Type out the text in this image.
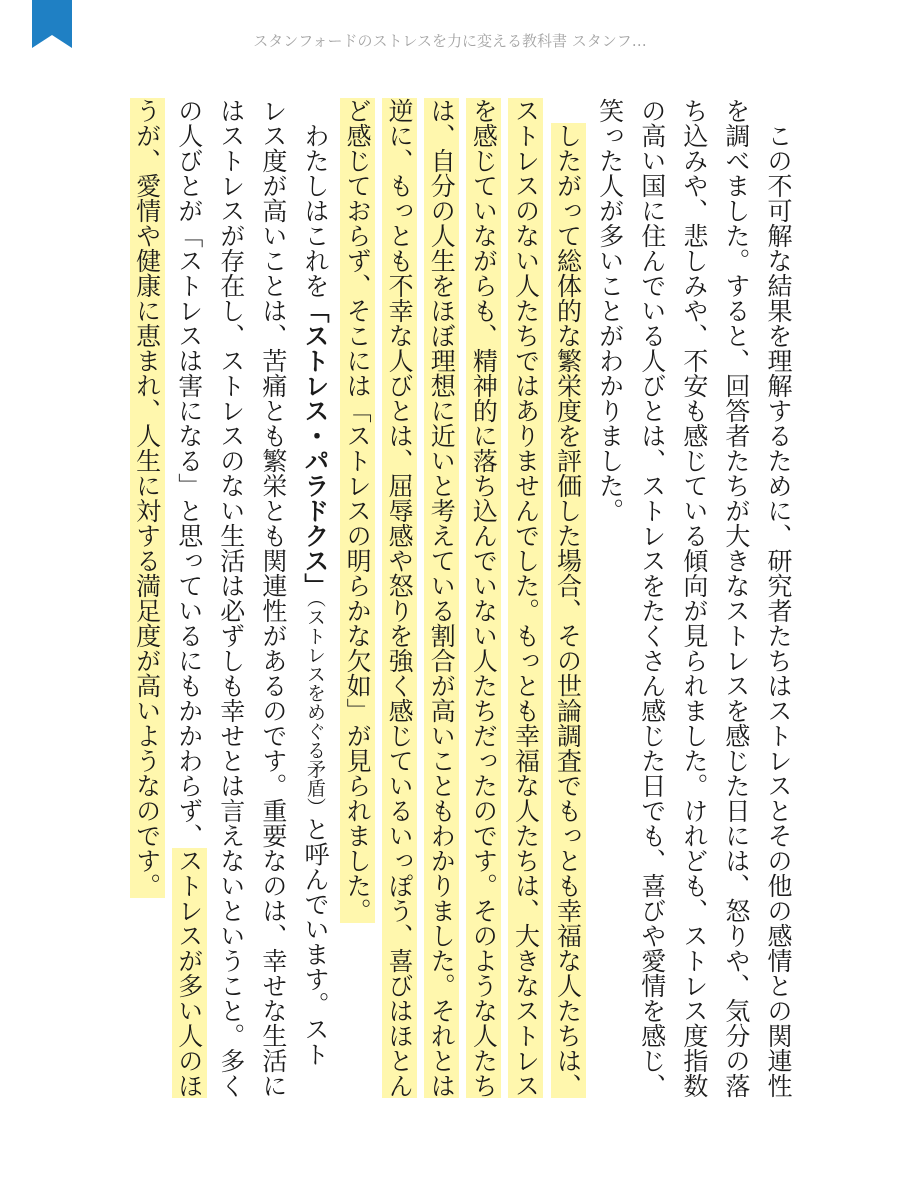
スタンフォードのストレスを力に変える教科書 スタンフ…
この不可解な結果を理解するために、研究者たちはストレスとその他の感情との関連性
を調べました。すると、回答者たちが大きなストレスを感じた日には、怒りや、気分の落
ち込みや、悲しみや、不安も感じている傾向が見られました。けれども、ストレス度指数
の高い国に住んでいる人びとは、ストレスをたくさん感じた日でも、喜びや愛情を感じ、
笑った人が多いことがわかりました。
したがって総体的な繁栄度を評価した場合、その世論調査でもっとも幸福な人たちは、
ストレスのない人たちではありませんでした。もっとも幸福な人たちは、大きなストレス
を感じていながらも、精神的に落ち込んでいない人たちだったのです。そのような人たち
は、自分の人生をほぼ理想に近いと考えている割合が高いこともわかりました。それとは
逆に、もっとも不幸な人びとは、屈辱感や怒りを強く感じているいっぽう、喜びはほとん
ど感じておらず、そこには「ストレスの明らかな欠如」が見られました。
わたしはこれを「ストレス・パラドクス」（ストレスをめぐる矛盾）と呼んでいます。スト
レス度が高いことは、苦痛とも繁栄とも関連性があるのです。重要なのは、幸せな生活に
はストレスが存在し、ストレスのない生活は必ずしも幸せとは言えないということ。多く
の人びとが「ストレスは害になる」と思っているにもかかわらず、ストレスが多い人のほ
うが、愛情や健康に恵まれ、人生に対する満足度が高いようなのです。
